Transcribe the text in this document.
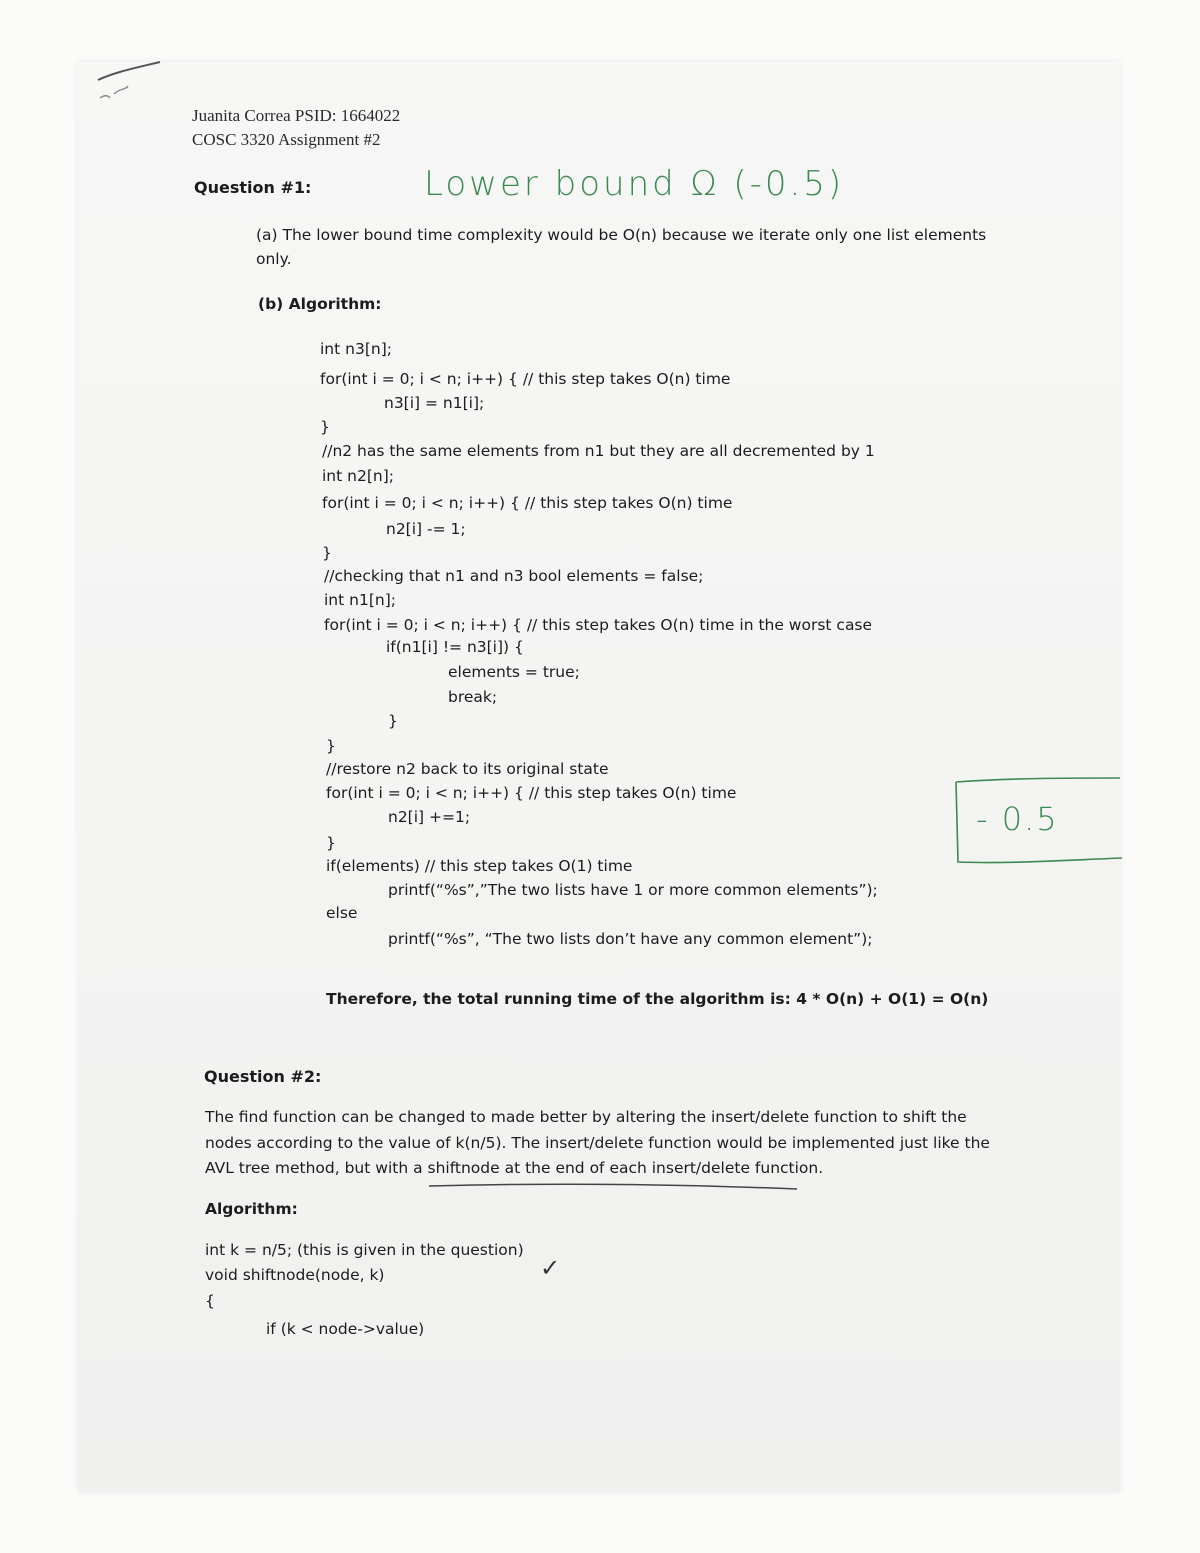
Juanita Correa PSID: 1664022
COSC 3320 Assignment #2
Question #1:	Lower bound Ω (-0.5)
(a) The lower bound time complexity would be O(n) because we iterate only one list elements
only.
(b) Algorithm:
int n3[n];
for(int i = 0; i < n; i++) { // this step takes O(n) time
n3[i] = n1[i];
}
//n2 has the same elements from n1 but they are all decremented by 1
int n2[n];
for(int i = 0; i < n; i++) { // this step takes O(n) time
n2[i] -= 1;
}
//checking that n1 and n3 bool elements = false;
int n1[n];
for(int i = 0; i < n; i++) { // this step takes O(n) time in the worst case
if(n1[i] != n3[i]) {
elements = true;
break;
}
}
//restore n2 back to its original state
for(int i = 0; i < n; i++) { // this step takes O(n) time
n2[i] +=1;
}
if(elements) // this step takes O(1) time
printf(“%s”,”The two lists have 1 or more common elements”);
else
printf(“%s”, “The two lists don’t have any common element”);
Therefore, the total running time of the algorithm is: 4 * O(n) + O(1) = O(n)
- 0.5
Question #2:
The find function can be changed to made better by altering the insert/delete function to shift the
nodes according to the value of k(n/5). The insert/delete function would be implemented just like the
AVL tree method, but with a shiftnode at the end of each insert/delete function.
Algorithm:
int k = n/5; (this is given in the question)
void shiftnode(node, k)
{
if (k < node->value)
✓
